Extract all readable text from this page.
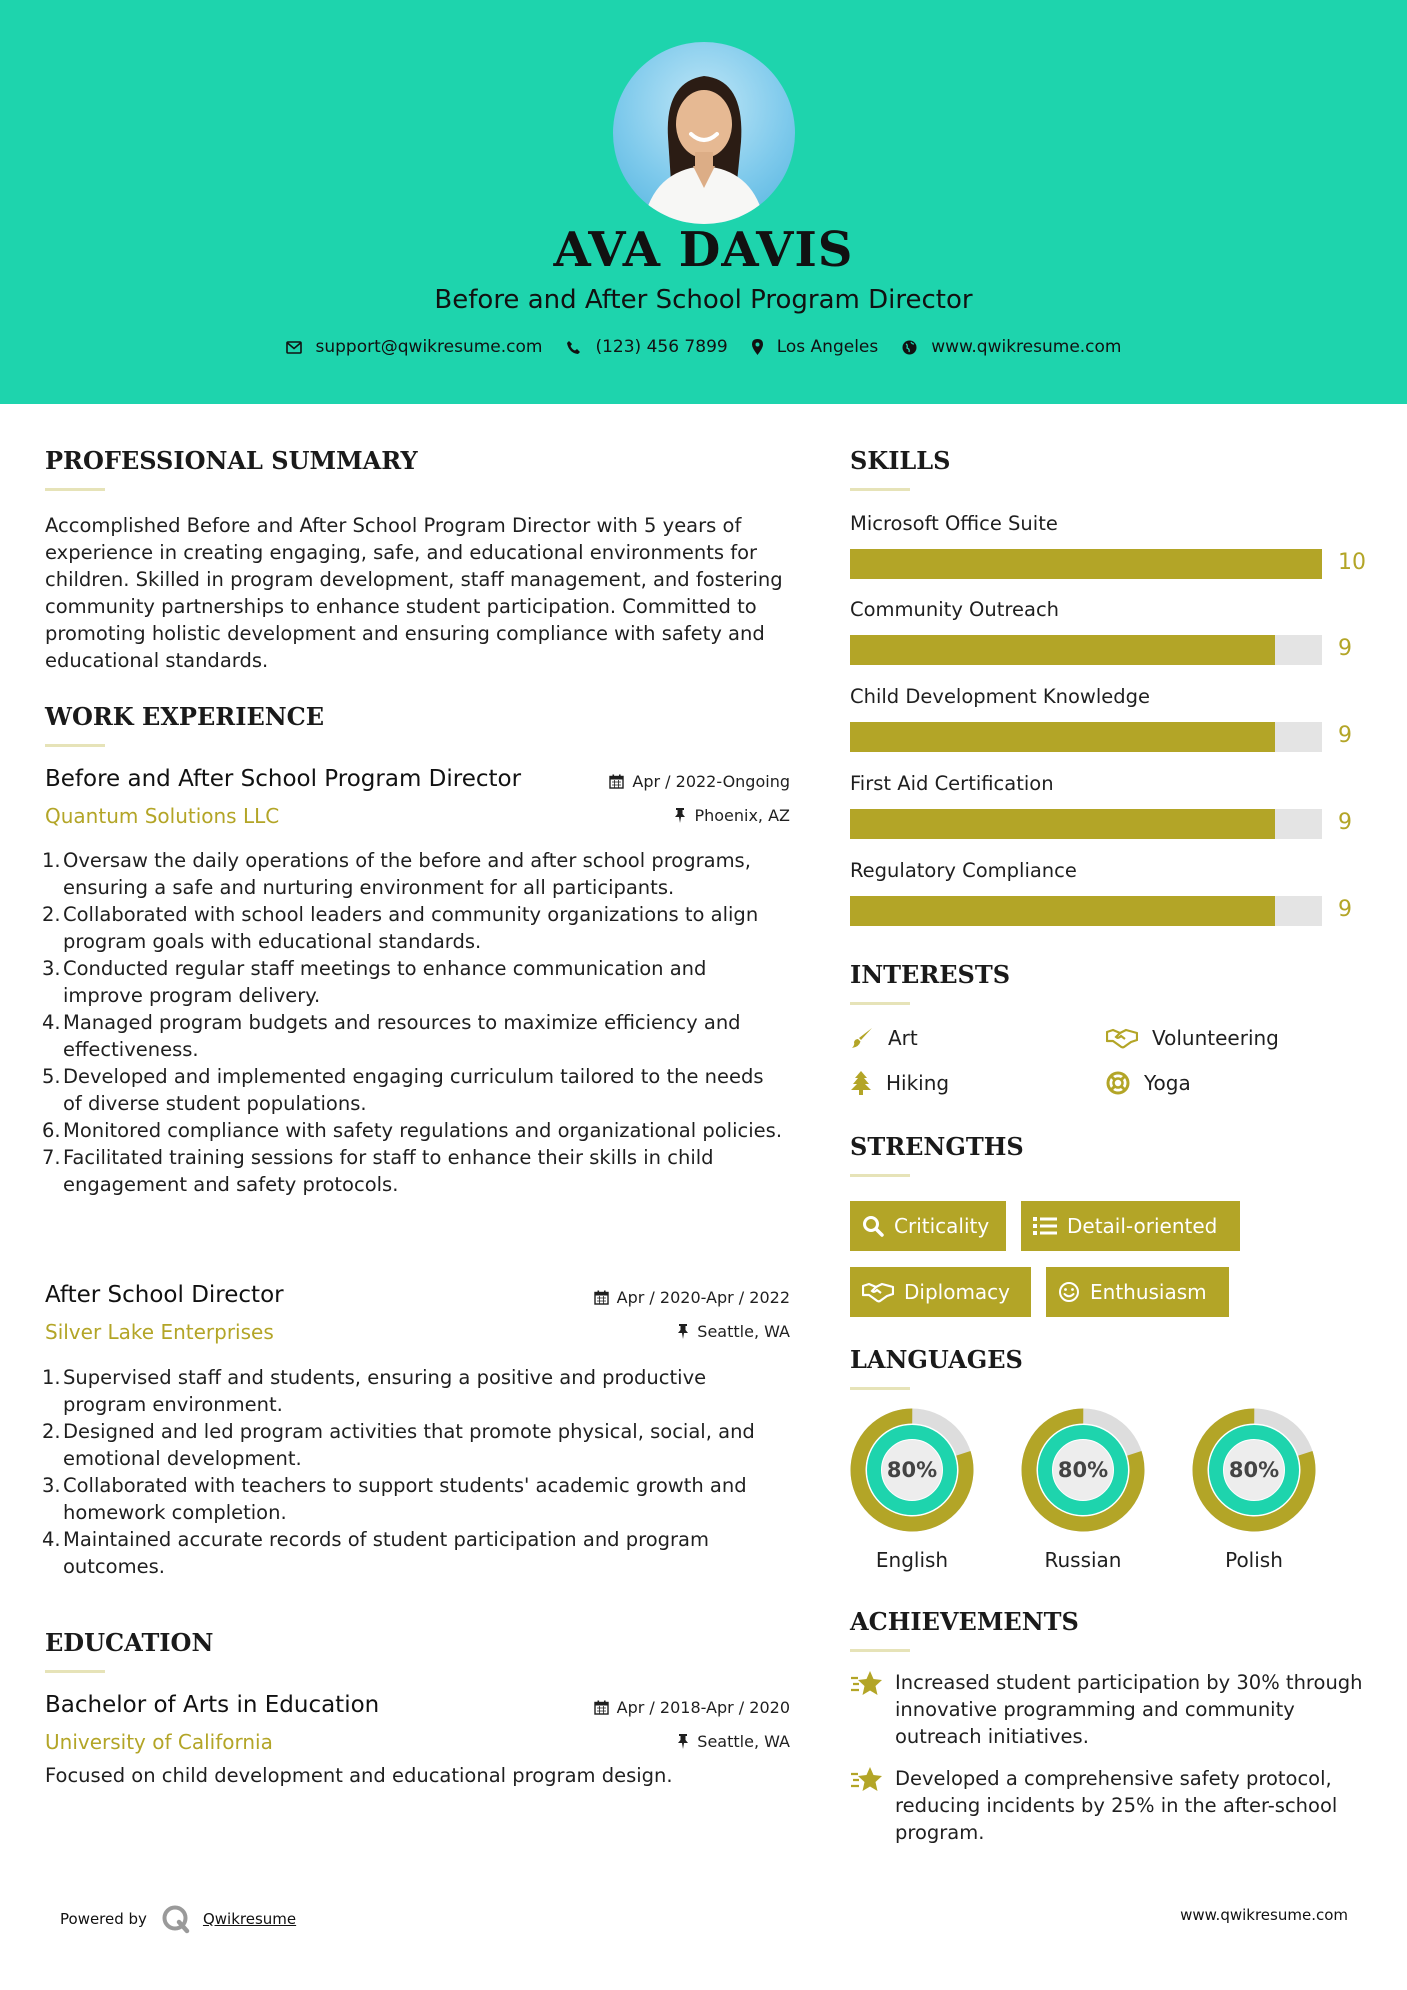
AVA DAVIS
Before and After School Program Director
support@qwikresume.com	(123) 456 7899	Los Angeles	www.qwikresume.com
PROFESSIONAL SUMMARY
Accomplished Before and After School Program Director with 5 years of experience in creating engaging, safe, and educational environments for children. Skilled in program development, staff management, and fostering community partnerships to enhance student participation. Committed to promoting holistic development and ensuring compliance with safety and educational standards.
WORK EXPERIENCE
Before and After School Program Director
Quantum Solutions LLC
Apr / 2022-Ongoing
Phoenix, AZ
1. Oversaw the daily operations of the before and after school programs, ensuring a safe and nurturing environment for all participants.
2. Collaborated with school leaders and community organizations to align program goals with educational standards.
3. Conducted regular staff meetings to enhance communication and improve program delivery.
4. Managed program budgets and resources to maximize efficiency and effectiveness.
5. Developed and implemented engaging curriculum tailored to the needs of diverse student populations.
6. Monitored compliance with safety regulations and organizational policies.
7. Facilitated training sessions for staff to enhance their skills in child engagement and safety protocols.
After School Director
Silver Lake Enterprises
Apr / 2020-Apr / 2022
Seattle, WA
1. Supervised staff and students, ensuring a positive and productive program environment.
2. Designed and led program activities that promote physical, social, and emotional development.
3. Collaborated with teachers to support students' academic growth and homework completion.
4. Maintained accurate records of student participation and program outcomes.
EDUCATION
Bachelor of Arts in Education
University of California
Apr / 2018-Apr / 2020
Seattle, WA
Focused on child development and educational program design.
SKILLS
Microsoft Office Suite
10
Community Outreach
9
Child Development Knowledge
9
First Aid Certification
9
Regulatory Compliance
9
INTERESTS
Art	Volunteering
Hiking	Yoga
STRENGTHS
Criticality	Detail-oriented
Diplomacy	Enthusiasm
LANGUAGES
ACHIEVEMENTS
Increased student participation by 30% through innovative programming and community outreach initiatives.
Developed a comprehensive safety protocol, reducing incidents by 25% in the after-school program.
80%
English
80%
Russian
80%
Polish
Powered by	Qwikresume	www.qwikresume.com
